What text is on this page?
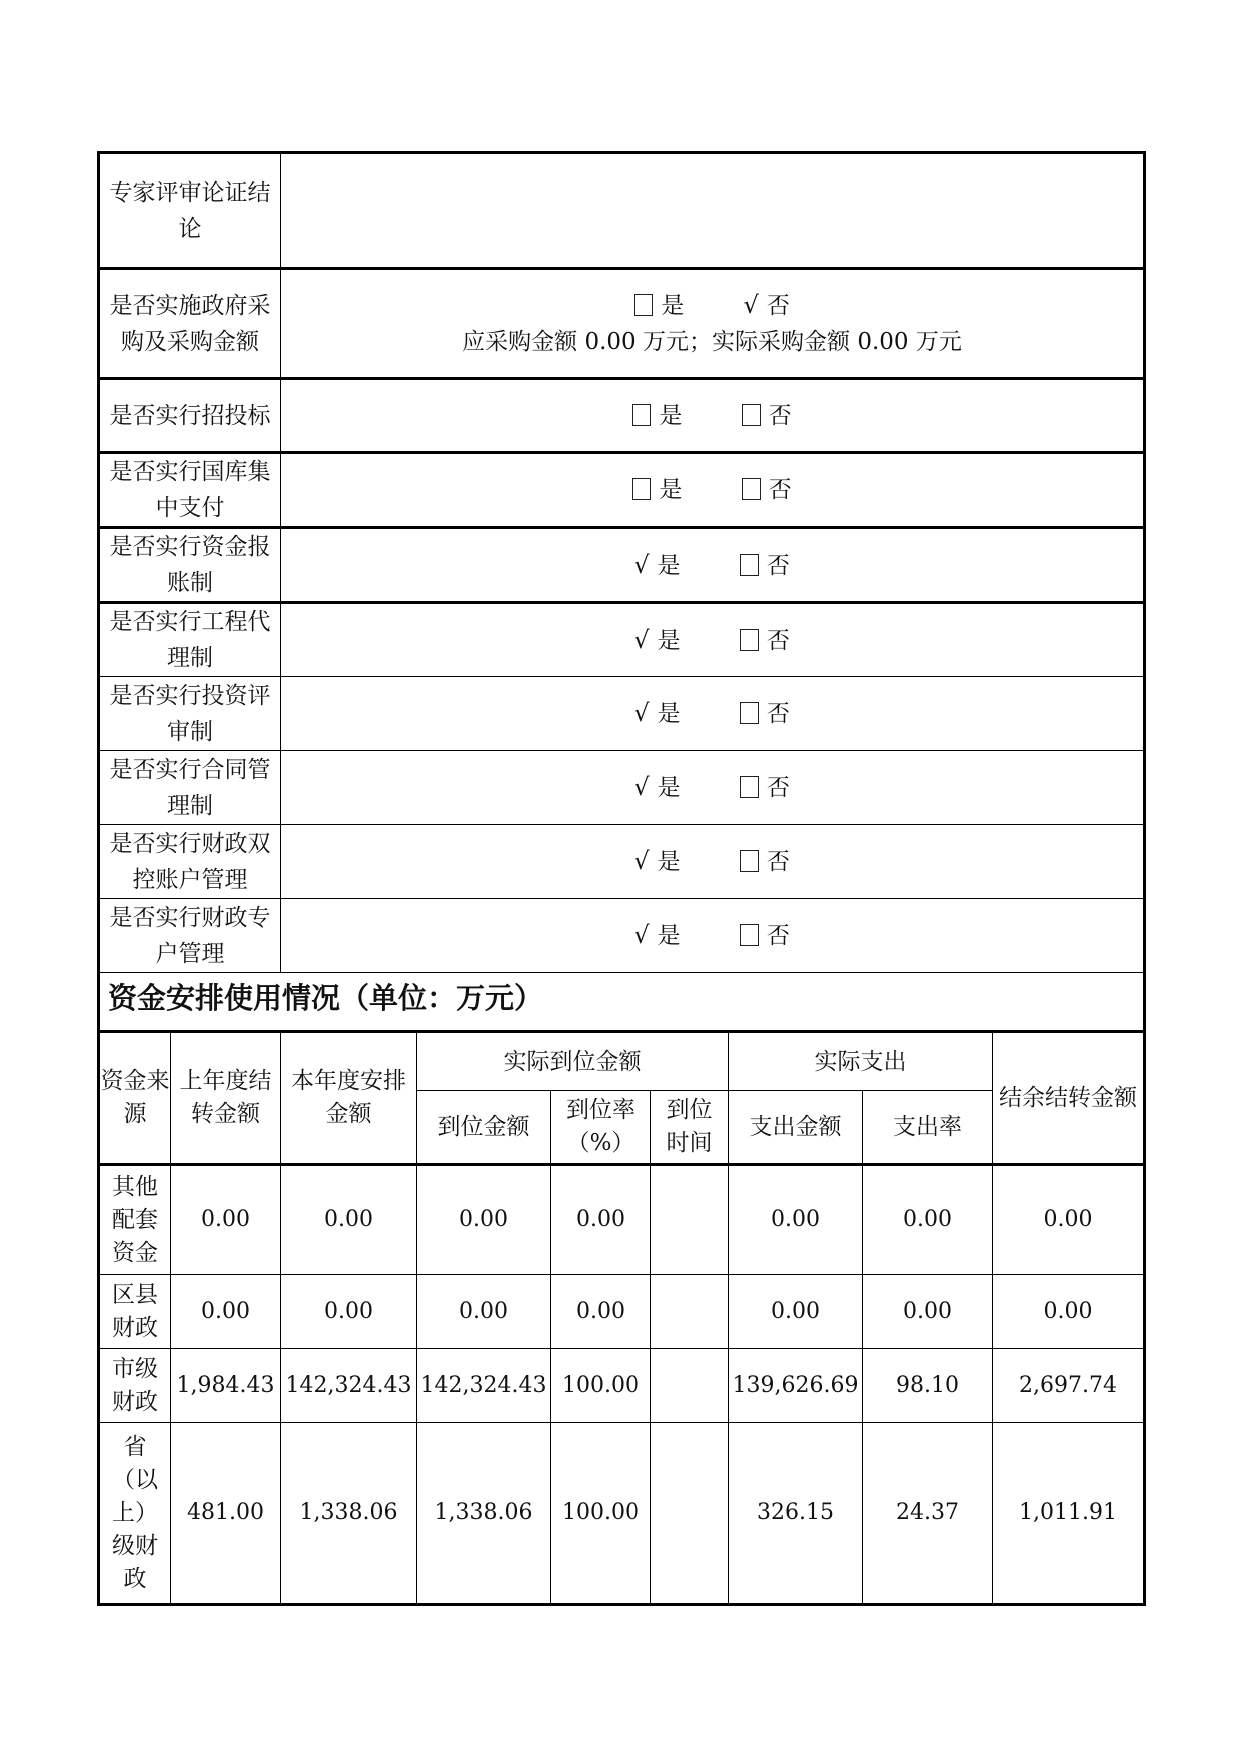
专家评审论证结论								
是否实施政府采购及采购金额		是 √ 否
应采购金额 0.00 万元；实际采购金额 0.00 万元						

是否实行招投标		是 否						
是否实行国库集中支付		是 否						
是否实行资金报账制		√ 是 否						
是否实行工程代理制		√ 是 否						
是否实行投资评审制		√ 是 否						
是否实行合同管理制		√ 是 否						
是否实行财政双控账户管理		√ 是 否						
是否实行财政专户管理		√ 是 否						
资金安排使用情况（单位：万元）								
资金来源	上年度结转金额	本年度安排金额	实际到位金额			实际支出		结余结转金额
			到位金额	到位率（%）	到位时间	支出金额	支出率	
其他配套资金	0.00	0.00	0.00	0.00		0.00	0.00	0.00
区县财政	0.00	0.00	0.00	0.00		0.00	0.00	0.00
市级财政	1,984.43	142,324.43	142,324.43	100.00		139,626.69	98.10	2,697.74
省（以上）级财政	481.00	1,338.06	1,338.06	100.00		326.15	24.37	1,011.91
